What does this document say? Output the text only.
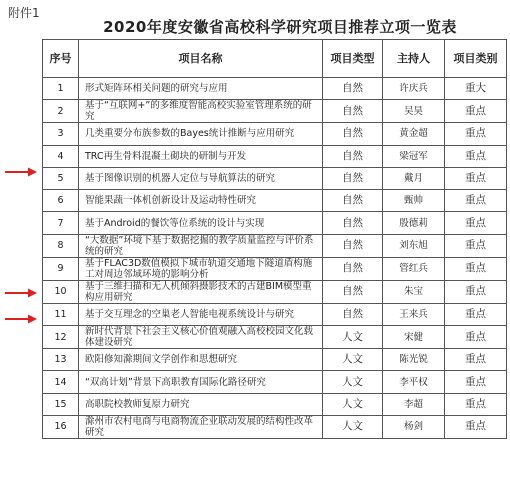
附件1
2020年度安徽省高校科学研究项目推荐立项一览表
序号	项目名称	项目类型	主持人	项目类别
1	形式矩阵环相关问题的研究与应用	自然	许庆兵	重大
2	基于“互联网+”的多维度智能高校实验室管理系统的研究	自然	吴昊	重点
3	几类重要分布族参数的Bayes统计推断与应用研究	自然	黄金超	重点
4	TRC再生骨料混凝土砌块的研制与开发	自然	梁冠军	重点
5	基于图像识别的机器人定位与导航算法的研究	自然	戴月	重点
6	智能果蔬一体机创新设计及运动特性研究	自然	甄帅	重点
7	基于Android的餐饮等位系统的设计与实现	自然	殷德莉	重点
8	“大数据”环境下基于数据挖掘的教学质量监控与评价系统的研究	自然	刘东旭	重点
9	基于FLAC3D数值模拟下城市轨道交通地下隧道盾构施工对周边邻域环境的影响分析	自然	管红兵	重点
10	基于三维扫描和无人机倾斜摄影技术的古建BIM模型重构应用研究	自然	朱宝	重点
11	基于交互理念的空巢老人智能电视系统设计与研究	自然	王来兵	重点
12	新时代背景下社会主义核心价值观融入高校校园文化载体建设研究	人文	宋健	重点
13	欧阳修知滁期间文学创作和思想研究	人文	陈光锐	重点
14	“双高计划”背景下高职教育国际化路径研究	人文	李平权	重点
15	高职院校教师复原力研究	人文	李超	重点
16	滁州市农村电商与电商物流企业联动发展的结构性改革研究	人文	杨剑	重点
